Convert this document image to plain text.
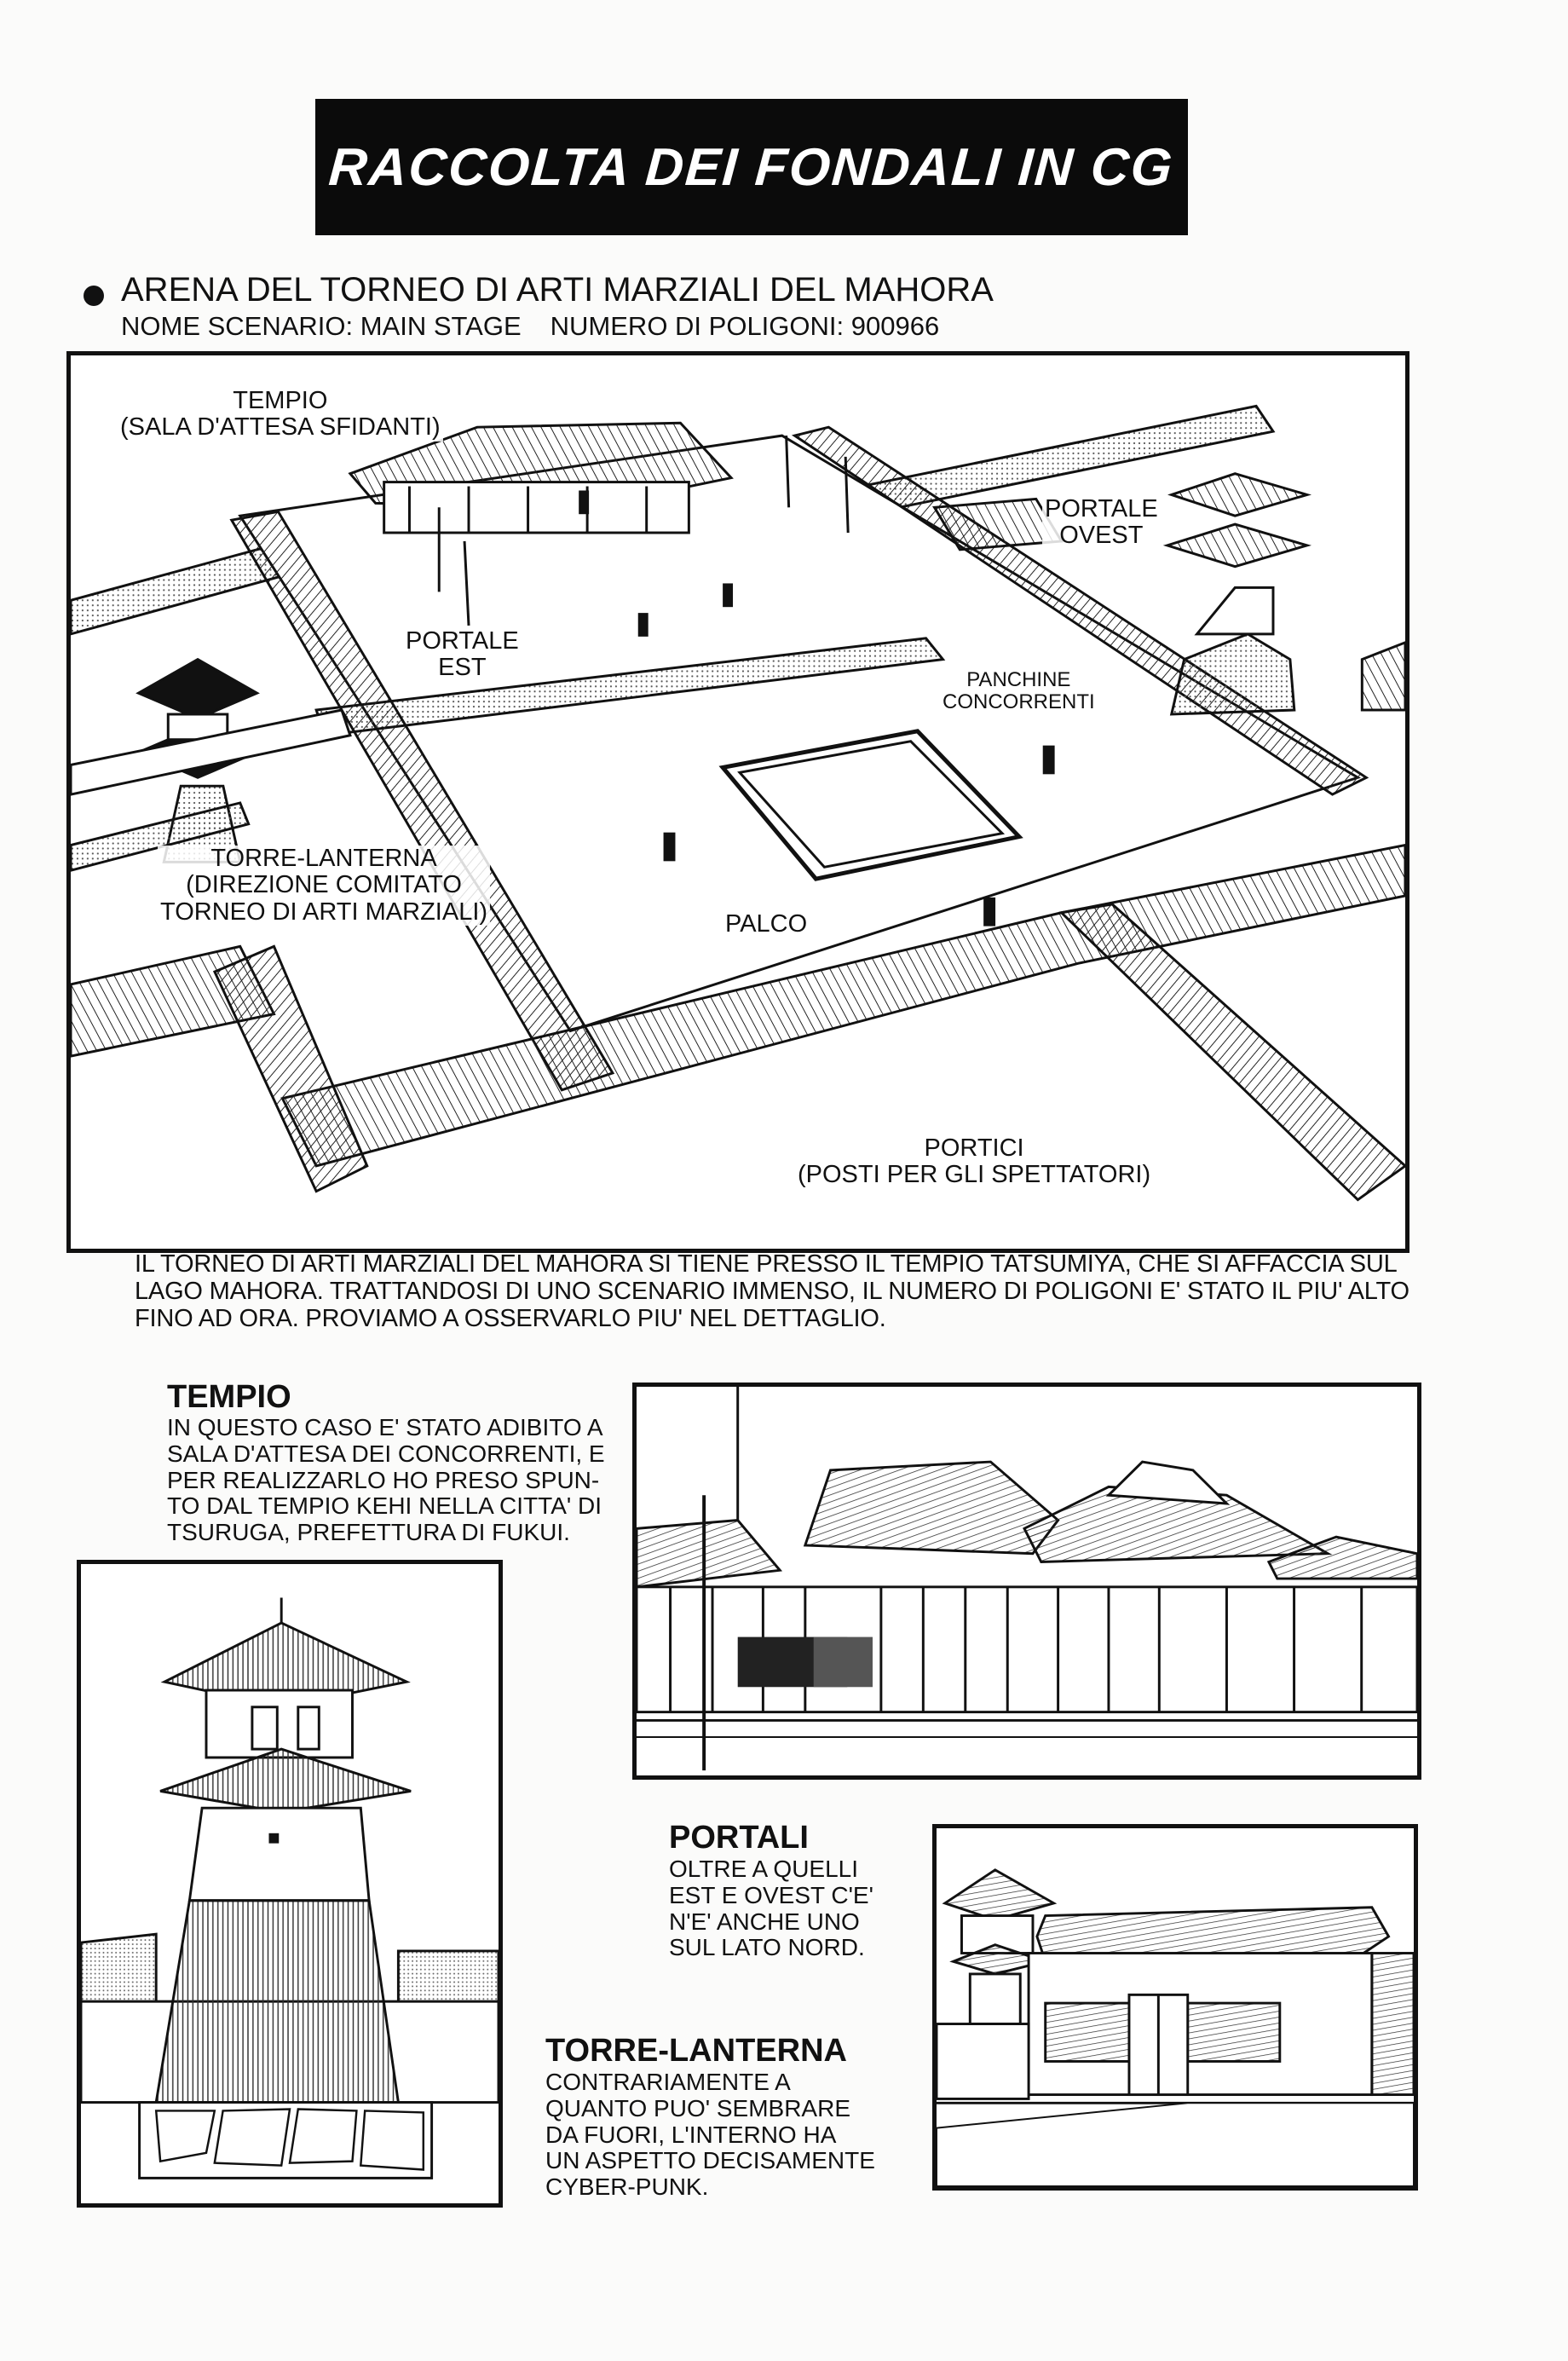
RACCOLTA DEI FONDALI IN CG
ARENA DEL TORNEO DI ARTI MARZIALI DEL MAHORA
NOME SCENARIO: MAIN STAGE NUMERO DI POLIGONI: 900966
TEMPIO
(SALA D'ATTESA SFIDANTI)
PORTALE
OVEST
PORTALE
EST	PANCHINE
CONCORRENTI
TORRE-LANTERNA
(DIREZIONE COMITATO
TORNEO DI ARTI MARZIALI)	PALCO
PORTICI
(POSTI PER GLI SPETTATORI)
IL TORNEO DI ARTI MARZIALI DEL MAHORA SI TIENE PRESSO IL TEMPIO TATSUMIYA, CHE SI AFFACCIA SUL LAGO MAHORA. TRATTANDOSI DI UNO SCENARIO IMMENSO, IL NUMERO DI POLIGONI E' STATO IL PIU' ALTO FINO AD ORA. PROVIAMO A OSSERVARLO PIU' NEL DETTAGLIO.
TEMPIO
IN QUESTO CASO E' STATO ADIBITO A
SALA D'ATTESA DEI CONCORRENTI, E
PER REALIZZARLO HO PRESO SPUN-
TO DAL TEMPIO KEHI NELLA CITTA' DI
TSURUGA, PREFETTURA DI FUKUI.
PORTALI
OLTRE A QUELLI
EST E OVEST C'E'
N'E' ANCHE UNO
SUL LATO NORD.
TORRE-LANTERNA
CONTRARIAMENTE A
QUANTO PUO' SEMBRARE
DA FUORI, L'INTERNO HA
UN ASPETTO DECISAMENTE
CYBER-PUNK.
